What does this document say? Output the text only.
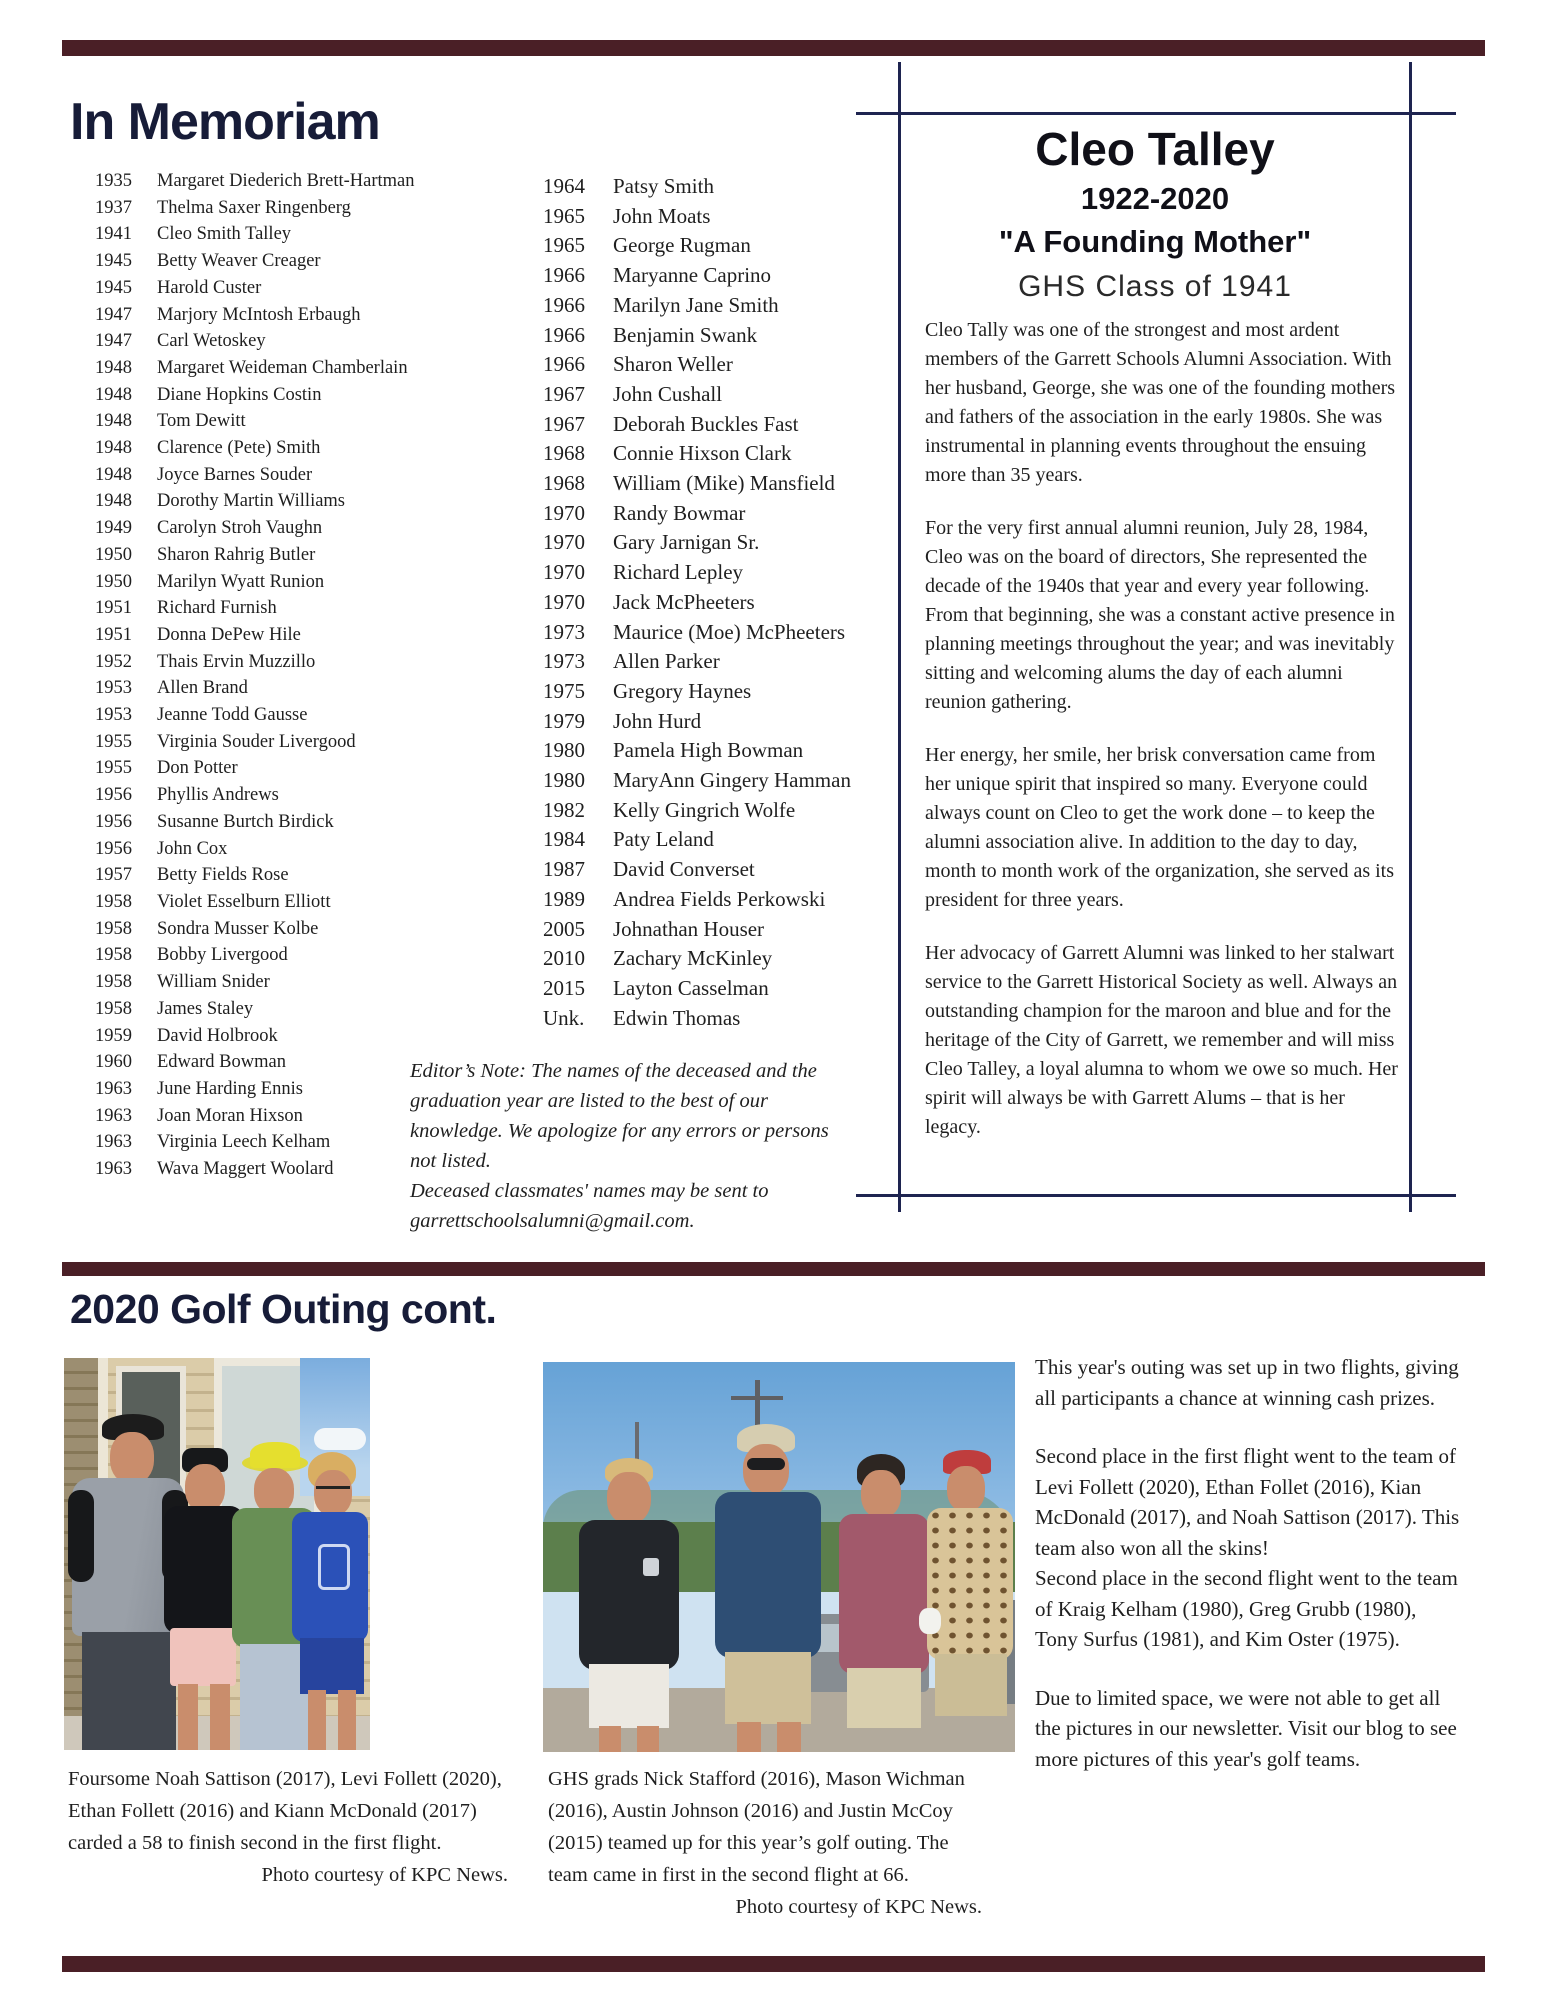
In Memoriam
1935	Margaret Diederich Brett-Hartman
1937	Thelma Saxer Ringenberg
1941	Cleo Smith Talley
1945	Betty Weaver Creager
1945	Harold Custer
1947	Marjory McIntosh Erbaugh
1947	Carl Wetoskey
1948	Margaret Weideman Chamberlain
1948	Diane Hopkins Costin
1948	Tom Dewitt
1948	Clarence (Pete) Smith
1948	Joyce Barnes Souder
1948	Dorothy Martin Williams
1949	Carolyn Stroh Vaughn
1950	Sharon Rahrig Butler
1950	Marilyn Wyatt Runion
1951	Richard Furnish
1951	Donna DePew Hile
1952	Thais Ervin Muzzillo
1953	Allen Brand
1953	Jeanne Todd Gausse
1955	Virginia Souder Livergood
1955	Don Potter
1956	Phyllis Andrews
1956	Susanne Burtch Birdick
1956	John Cox
1957	Betty Fields Rose
1958	Violet Esselburn Elliott
1958	Sondra Musser Kolbe
1958	Bobby Livergood
1958	William Snider
1958	James Staley
1959	David Holbrook
1960	Edward Bowman
1963	June Harding Ennis
1963	Joan Moran Hixson
1963	Virginia Leech Kelham
1963	Wava Maggert Woolard
1964	Patsy Smith
1965	John Moats
1965	George Rugman
1966	Maryanne Caprino
1966	Marilyn Jane Smith
1966	Benjamin Swank
1966	Sharon Weller
1967	John Cushall
1967	Deborah Buckles Fast
1968	Connie Hixson Clark
1968	William (Mike) Mansfield
1970	Randy Bowmar
1970	Gary Jarnigan Sr.
1970	Richard Lepley
1970	Jack McPheeters
1973	Maurice (Moe) McPheeters
1973	Allen Parker
1975	Gregory Haynes
1979	John Hurd
1980	Pamela High Bowman
1980	MaryAnn Gingery Hamman
1982	Kelly Gingrich Wolfe
1984	Paty Leland
1987	David Converset
1989	Andrea Fields Perkowski
2005	Johnathan Houser
2010	Zachary McKinley
2015	Layton Casselman
Unk.	Edwin Thomas
Editor’s Note: The names of the deceased and the graduation year are listed to the best of our knowledge. We apologize for any errors or persons not listed.
Deceased classmates' names may be sent to garrettschoolsalumni@gmail.com.
Cleo Talley
1922-2020
"A Founding Mother"
GHS Class of 1941

Cleo Tally was one of the strongest and most ardent members of the Garrett Schools Alumni Association. With her husband, George, she was one of the founding mothers and fathers of the association in the early 1980s. She was instrumental in planning events throughout the ensuing more than 35 years.

For the very first annual alumni reunion, July 28, 1984, Cleo was on the board of directors, She represented the decade of the 1940s that year and every year following. From that beginning, she was a constant active presence in planning meetings throughout the year; and was inevitably sitting and welcoming alums the day of each alumni reunion gathering.

Her energy, her smile, her brisk conversation came from her unique spirit that inspired so many. Everyone could always count on Cleo to get the work done – to keep the alumni association alive. In addition to the day to day, month to month work of the organization, she served as its president for three years.

Her advocacy of Garrett Alumni was linked to her stalwart service to the Garrett Historical Society as well. Always an outstanding champion for the maroon and blue and for the heritage of the City of Garrett, we remember and will miss Cleo Talley, a loyal alumna to whom we owe so much. Her spirit will always be with Garrett Alums – that is her legacy.

2020 Golf Outing cont.
Foursome Noah Sattison (2017), Levi Follett (2020), Ethan Follett (2016) and Kiann McDonald (2017) carded a 58 to finish second in the first flight.
Photo courtesy of KPC News.
GHS grads Nick Stafford (2016), Mason Wichman (2016), Austin Johnson (2016) and Justin McCoy (2015) teamed up for this year’s golf outing. The team came in first in the second flight at 66.
Photo courtesy of KPC News.

This year's outing was set up in two flights, giving all participants a chance at winning cash prizes.

Second place in the first flight went to the team of Levi Follett (2020), Ethan Follet (2016), Kian McDonald (2017), and Noah Sattison (2017). This team also won all the skins!

Second place in the second flight went to the team of Kraig Kelham (1980), Greg Grubb (1980), Tony Surfus (1981), and Kim Oster (1975).

Due to limited space, we were not able to get all the pictures in our newsletter. Visit our blog to see more pictures of this year's golf teams.
